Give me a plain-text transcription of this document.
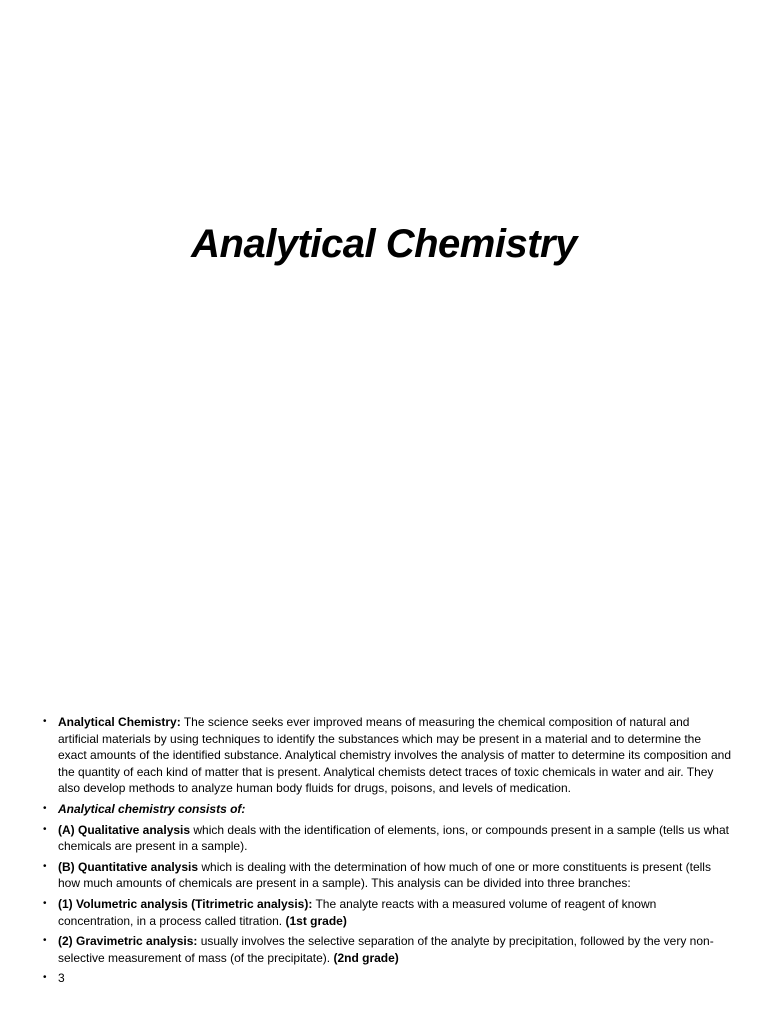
Analytical Chemistry
• Analytical Chemistry: The science seeks ever improved means of measuring the chemical composition of natural and artificial materials by using techniques to identify the substances which may be present in a material and to determine the exact amounts of the identified substance. Analytical chemistry involves the analysis of matter to determine its composition and the quantity of each kind of matter that is present. Analytical chemists detect traces of toxic chemicals in water and air. They also develop methods to analyze human body fluids for drugs, poisons, and levels of medication.
• Analytical chemistry consists of:
• (A) Qualitative analysis which deals with the identification of elements, ions, or compounds present in a sample (tells us what chemicals are present in a sample).
• (B) Quantitative analysis which is dealing with the determination of how much of one or more constituents is present (tells how much amounts of chemicals are present in a sample). This analysis can be divided into three branches:
• (1) Volumetric analysis (Titrimetric analysis): The analyte reacts with a measured volume of reagent of known concentration, in a process called titration. (1st grade)
• (2) Gravimetric analysis: usually involves the selective separation of the analyte by precipitation, followed by the very non-selective measurement of mass (of the precipitate). (2nd grade)
• 3
